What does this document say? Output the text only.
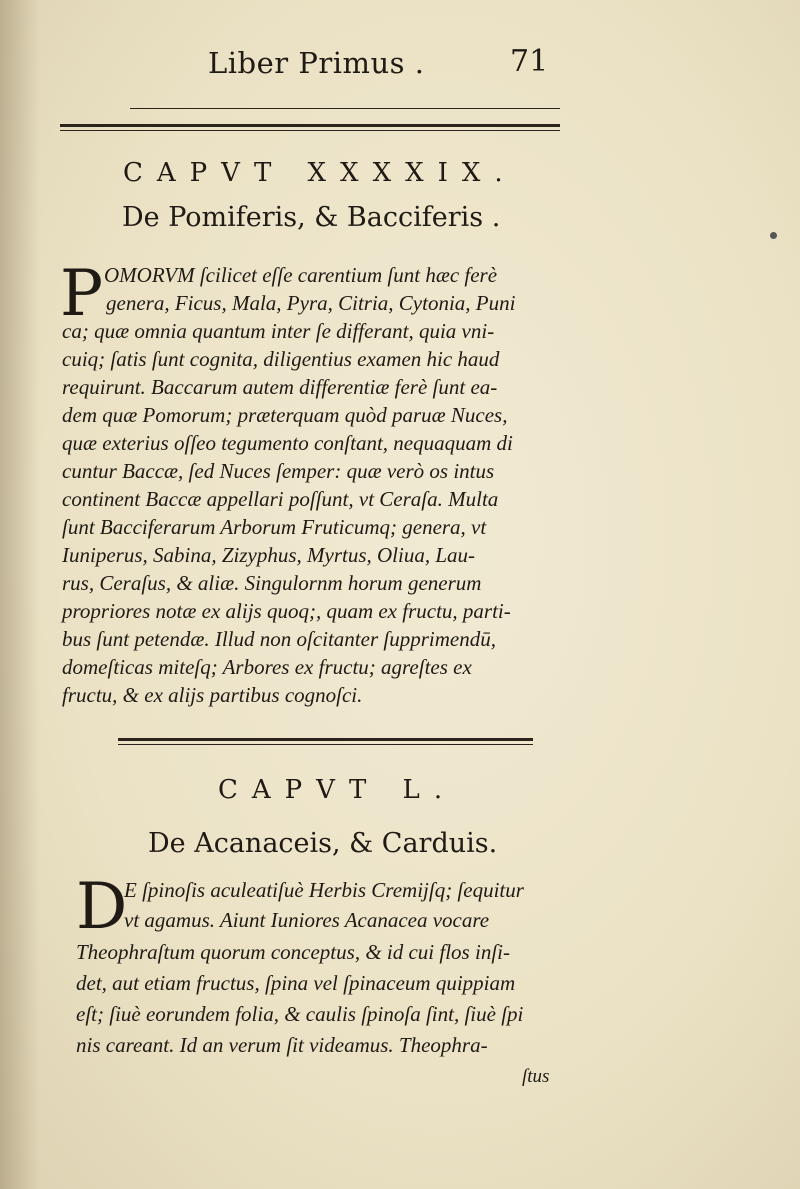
Liber Primus .	71
CAPVT XXXXIX.
De Pomiferis, & Bacciferis .
P OMORVM ſcilicet eſſe carentium ſunt hæc ferè
genera, Ficus, Mala, Pyra, Citria, Cytonia, Puni
ca; quæ omnia quantum inter ſe differant, quia vni-
cuiq; ſatis ſunt cognita, diligentius examen hic haud
requirunt. Baccarum autem differentiæ ferè ſunt ea-
dem quæ Pomorum; præterquam quòd paruæ Nuces,
quæ exterius oſſeo tegumento conſtant, nequaquam di
cuntur Baccæ, ſed Nuces ſemper: quæ verò os intus
continent Baccæ appellari poſſunt, vt Ceraſa. Multa
ſunt Bacciferarum Arborum Fruticumq; genera, vt
Iuniperus, Sabina, Zizyphus, Myrtus, Oliua, Lau-
rus, Ceraſus, & aliæ. Singulornm horum generum
propriores notæ ex alijs quoq;, quam ex fructu, parti-
bus ſunt petendæ. Illud non oſcitanter ſupprimendū,
domeſticas miteſq; Arbores ex fructu; agreſtes ex
fructu, & ex alijs partibus cognoſci.
CAPVT L.
De Acanaceis, & Carduis.
D
E ſpinoſis aculeatiſuè Herbis Cremijſq; ſequitur
vt agamus. Aiunt Iuniores Acanacea vocare
Theophraſtum quorum conceptus, & id cui flos inſi-
det, aut etiam fructus, ſpina vel ſpinaceum quippiam
eſt; ſiuè eorundem folia, & caulis ſpinoſa ſint, ſiuè ſpi
nis careant. Id an verum ſit videamus. Theophra-
ſtus
